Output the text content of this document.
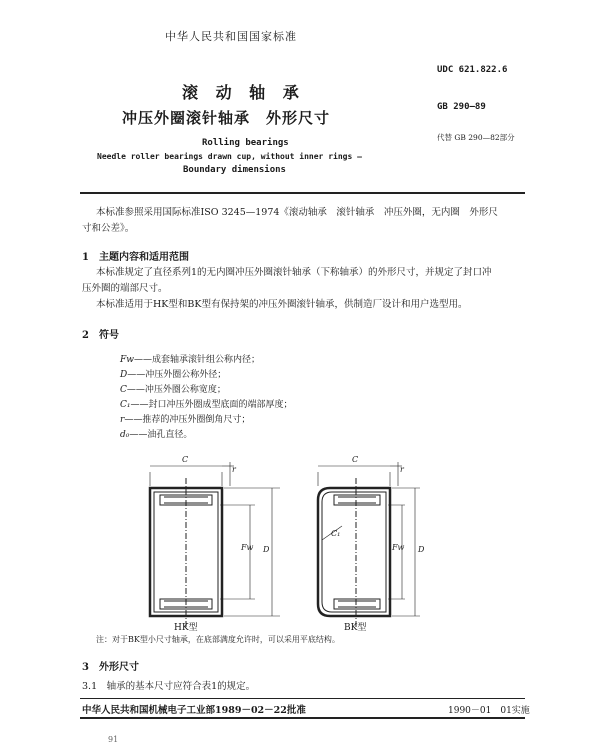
中华人民共和国国家标准
滚 动 轴 承
冲压外圈滚针轴承　外形尺寸
UDC 621.822.6
GB 290—89
代替 GB 290—82部分
Rolling bearings
Needle roller bearings drawn cup, without inner rings —
Boundary dimensions
本标准参照采用国际标准ISO 3245—1974《滚动轴承　滚针轴承　冲压外圈，无内圈　外形尺
寸和公差》。
1　主题内容和适用范围
本标准规定了直径系列1的无内圈冲压外圈滚针轴承（下称轴承）的外形尺寸，并规定了封口冲
压外圈的端部尺寸。
本标准适用于HK型和BK型有保持架的冲压外圈滚针轴承，供制造厂设计和用户选型用。
2　符号
Fw——成套轴承滚针组公称内径；
D——冲压外圈公称外径；
C——冲压外圈公称宽度；
C₁——封口冲压外圈成型底面的端部厚度；
r——推荐的冲压外圈倒角尺寸；
d₀——油孔直径。
C
r
Fw D
C
r
C₁
Fw D
HK型	BK型
注：对于BK型小尺寸轴承，在底部满度允许时，可以采用平底结构。
3　外形尺寸
3.1　轴承的基本尺寸应符合表1的规定。
中华人民共和国机械电子工业部1989－02－22批准	1990－01　01实施
91
